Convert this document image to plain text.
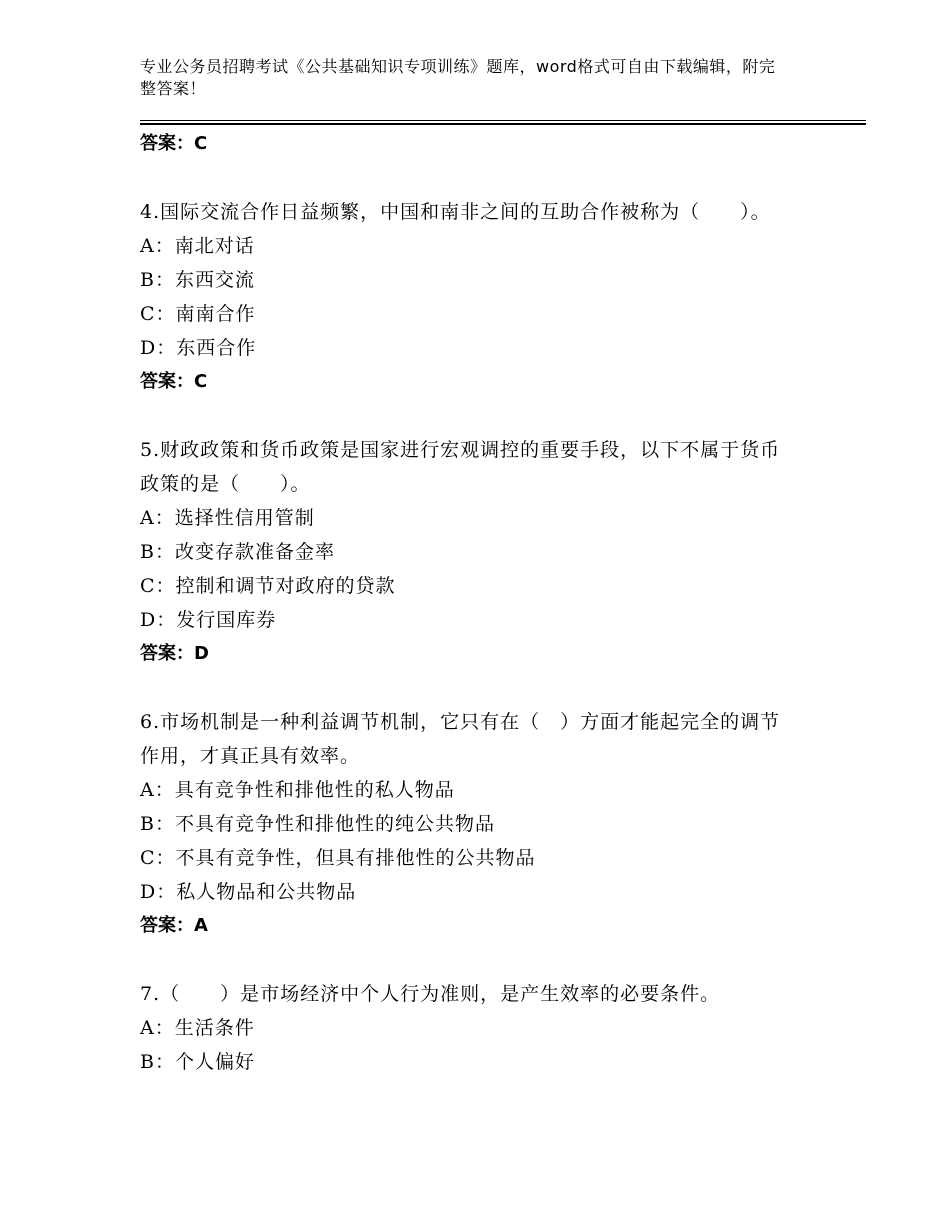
专业公务员招聘考试《公共基础知识专项训练》题库，word格式可自由下载编辑，附完整答案！
答案：C
4.国际交流合作日益频繁，中国和南非之间的互助合作被称为（　　）。
A：南北对话
B：东西交流
C：南南合作
D：东西合作
答案：C
5.财政政策和货币政策是国家进行宏观调控的重要手段，以下不属于货币政策的是（　　）。
A：选择性信用管制
B：改变存款准备金率
C：控制和调节对政府的贷款
D：发行国库券
答案：D
6.市场机制是一种利益调节机制，它只有在（　）方面才能起完全的调节作用，才真正具有效率。
A：具有竞争性和排他性的私人物品
B：不具有竞争性和排他性的纯公共物品
C：不具有竞争性，但具有排他性的公共物品
D：私人物品和公共物品
答案：A
7.（　　）是市场经济中个人行为准则，是产生效率的必要条件。
A：生活条件
B：个人偏好
